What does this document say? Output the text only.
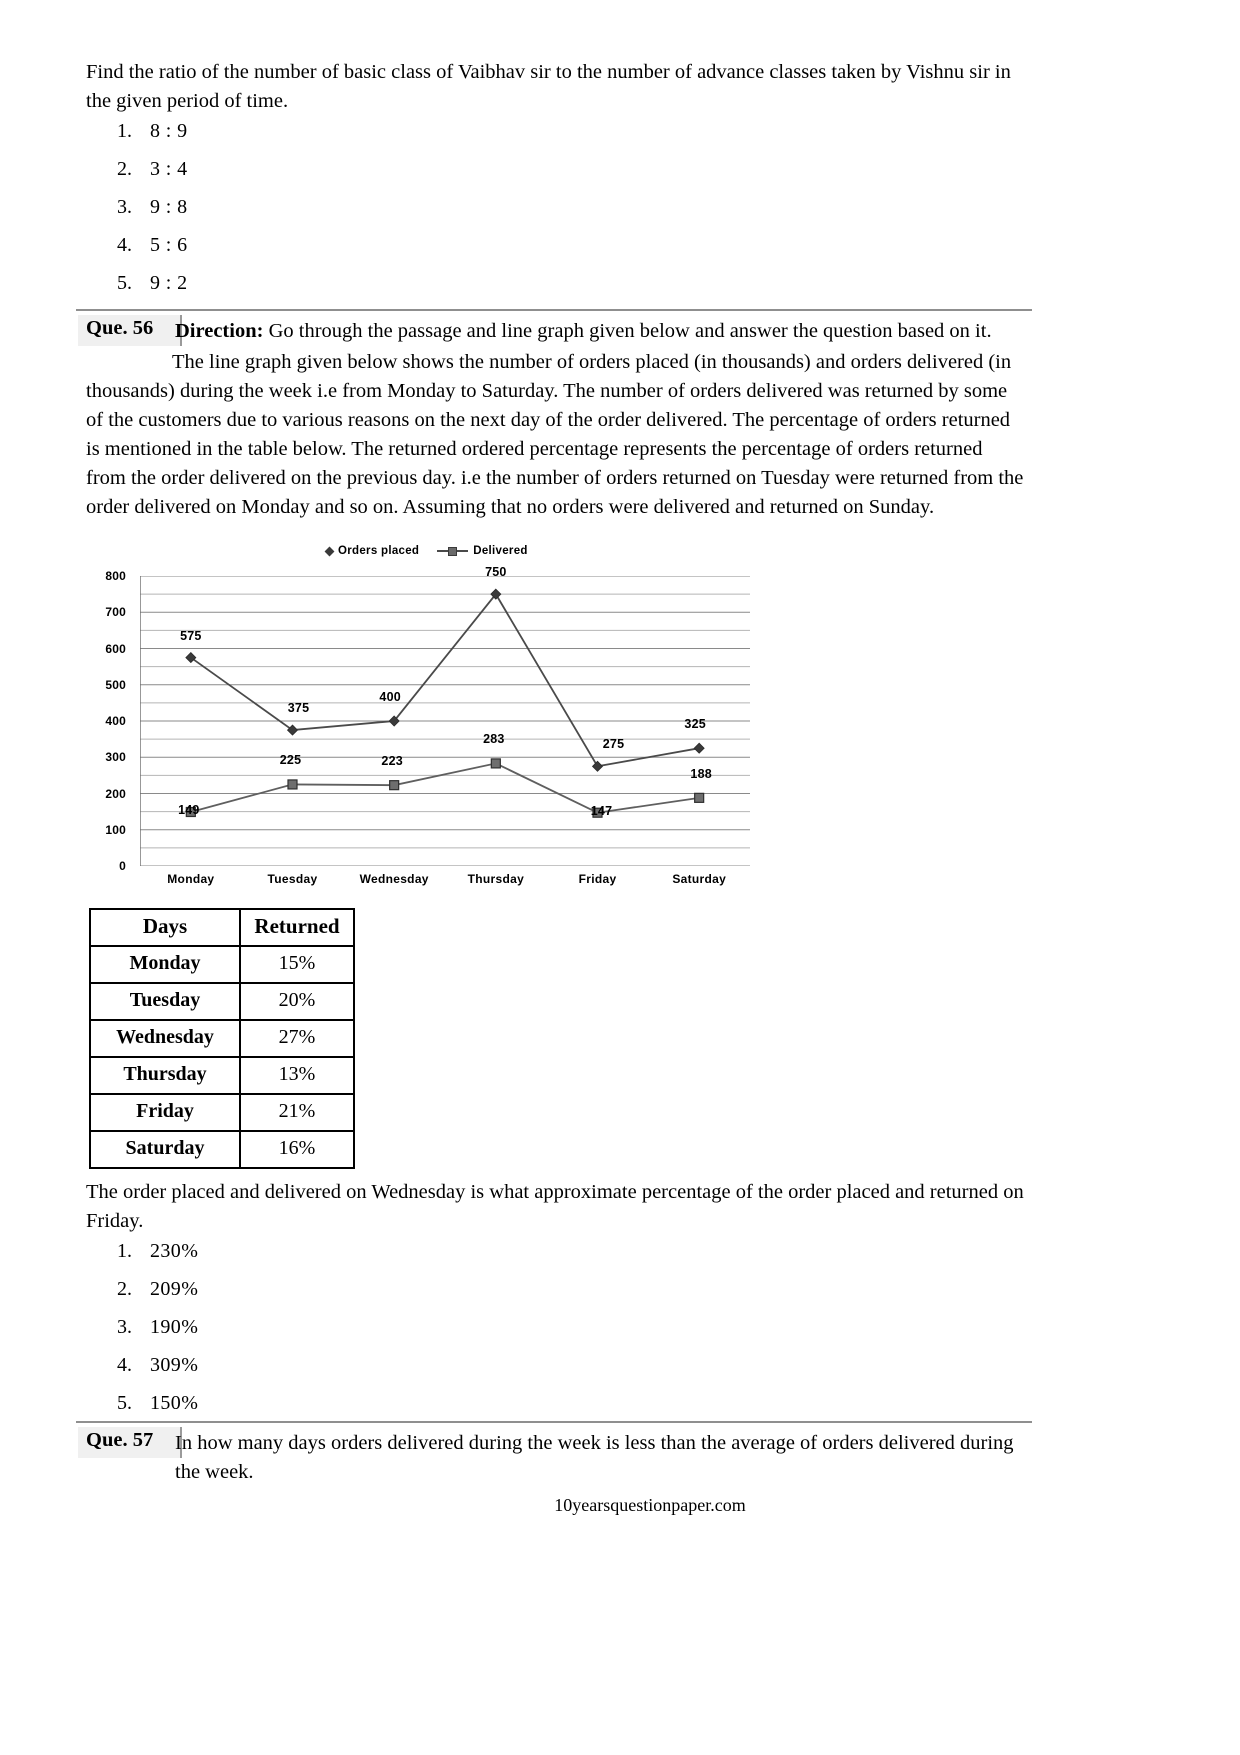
Find the ratio of the number of basic class of Vaibhav sir to the number of advance classes taken by Vishnu sir in the given period of time.
1. 8 : 9
2. 3 : 4
3. 9 : 8
4. 5 : 6
5. 9 : 2
Que. 56	Direction: Go through the passage and line graph given below and answer the question based on it.

The line graph given below shows the number of orders placed (in thousands) and orders delivered (in thousands) during the week i.e from Monday to Saturday. The number of orders delivered was returned by some of the customers due to various reasons on the next day of the order delivered. The percentage of orders returned is mentioned in the table below. The returned ordered percentage represents the percentage of orders returned from the order delivered on the previous day. i.e the number of orders returned on Tuesday were returned from the order delivered on Monday and so on. Assuming that no orders were delivered and returned on Sunday.

Orders placed	Delivered
0
100
200
300
400
500
600
700
800
Monday	Tuesday	Wednesday	Thursday	Friday	Saturday
575
375
400
750
275
325
149
225	223
283
147
188
Days	Returned
Monday	15%
Tuesday	20%
Wednesday	27%
Thursday	13%
Friday	21%
Saturday	16%
The order placed and delivered on Wednesday is what approximate percentage of the order placed and returned on Friday.
1. 230%
2. 209%
3. 190%
4. 309%
5. 150%
Que. 57	In how many days orders delivered during the week is less than the average of orders delivered during the week.
10yearsquestionpaper.com
